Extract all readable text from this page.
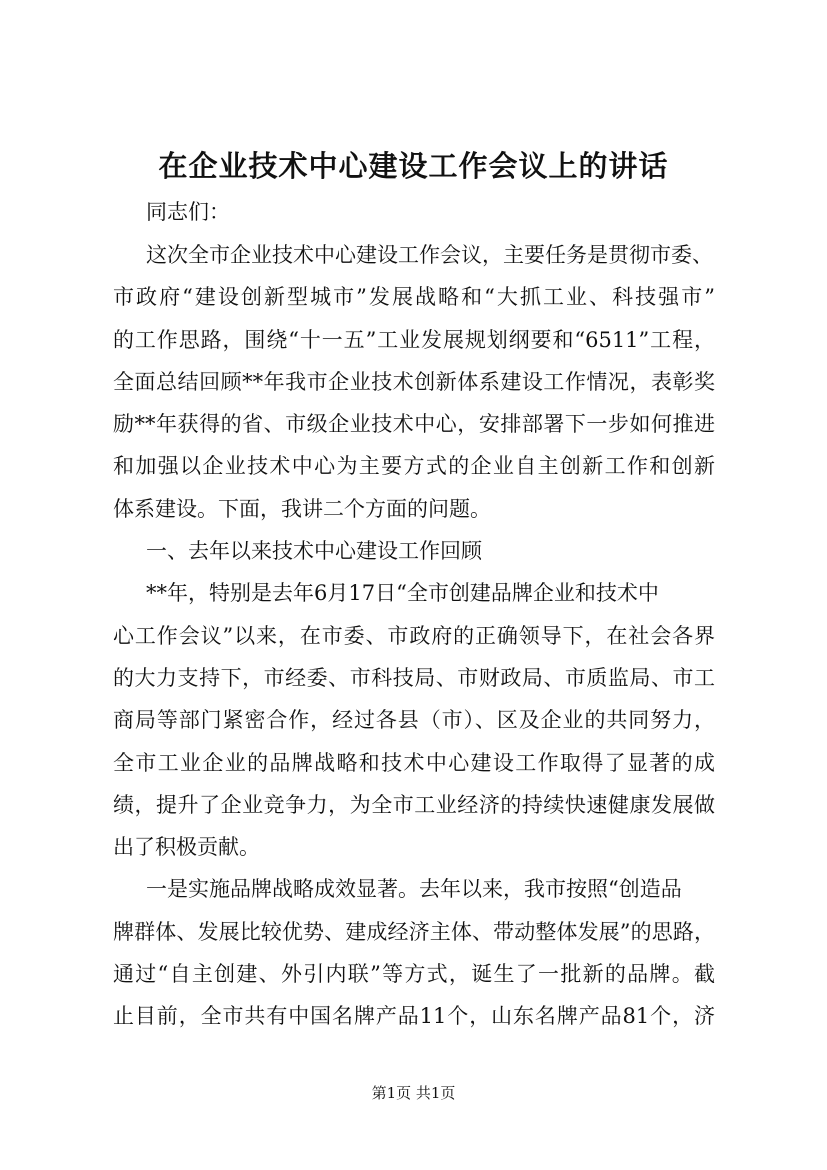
在企业技术中心建设工作会议上的讲话
同志们：
这次全市企业技术中心建设工作会议，主要任务是贯彻市委、
市政府“建设创新型城市”发展战略和“大抓工业、科技强市”
的工作思路，围绕“十一五”工业发展规划纲要和“6511”工程，
全面总结回顾**年我市企业技术创新体系建设工作情况，表彰奖
励**年获得的省、市级企业技术中心，安排部署下一步如何推进
和加强以企业技术中心为主要方式的企业自主创新工作和创新
体系建设。下面，我讲二个方面的问题。
一、去年以来技术中心建设工作回顾
**年，特别是去年6月17日“全市创建品牌企业和技术中
心工作会议”以来，在市委、市政府的正确领导下，在社会各界
的大力支持下，市经委、市科技局、市财政局、市质监局、市工
商局等部门紧密合作，经过各县（市）、区及企业的共同努力，
全市工业企业的品牌战略和技术中心建设工作取得了显著的成
绩，提升了企业竞争力，为全市工业经济的持续快速健康发展做
出了积极贡献。
一是实施品牌战略成效显著。去年以来，我市按照“创造品
牌群体、发展比较优势、建成经济主体、带动整体发展”的思路，
通过“自主创建、外引内联”等方式，诞生了一批新的品牌。截
止目前，全市共有中国名牌产品11个，山东名牌产品81个，济
第1页 共1页
